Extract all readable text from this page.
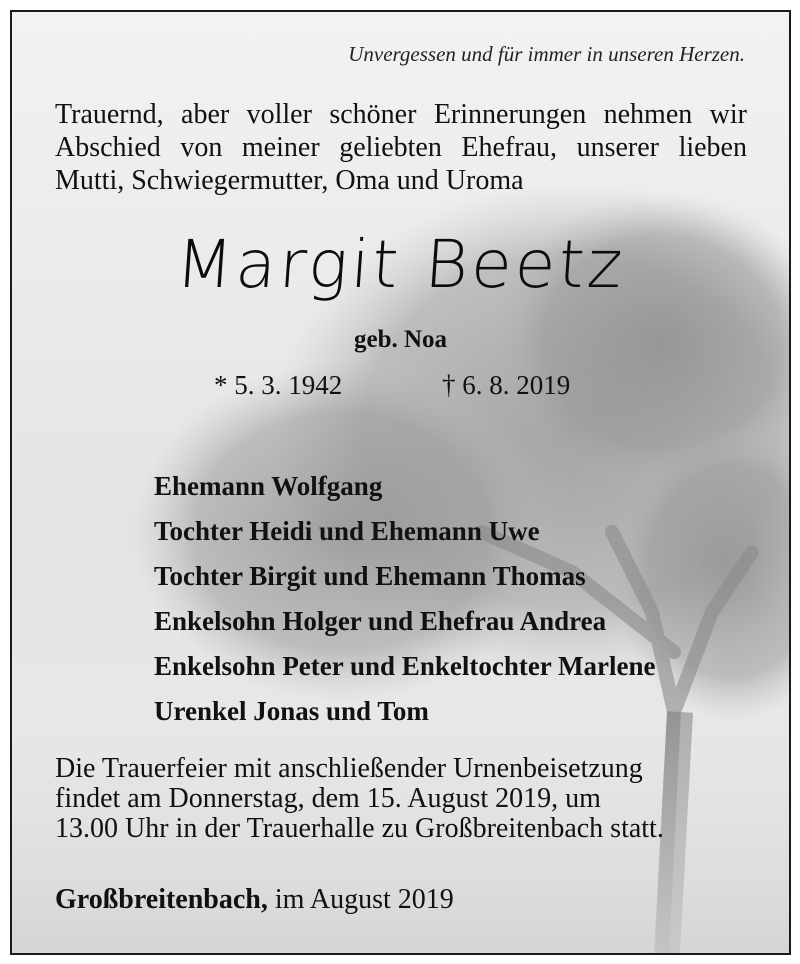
Unvergessen und für immer in unseren Herzen.
Trauernd, aber voller schöner Erinnerungen nehmen wir Abschied von meiner geliebten Ehefrau, unserer lieben Mutti, Schwiegermutter, Oma und Uroma
Margit Beetz
geb. Noa
* 5. 3. 1942	† 6. 8. 2019
Ehemann Wolfgang
Tochter Heidi und Ehemann Uwe
Tochter Birgit und Ehemann Thomas
Enkelsohn Holger und Ehefrau Andrea
Enkelsohn Peter und Enkeltochter Marlene
Urenkel Jonas und Tom
Die Trauerfeier mit anschließender Urnenbeisetzung
findet am Donnerstag, dem 15. August 2019, um
13.00 Uhr in der Trauerhalle zu Großbreitenbach statt.
Großbreitenbach, im August 2019
